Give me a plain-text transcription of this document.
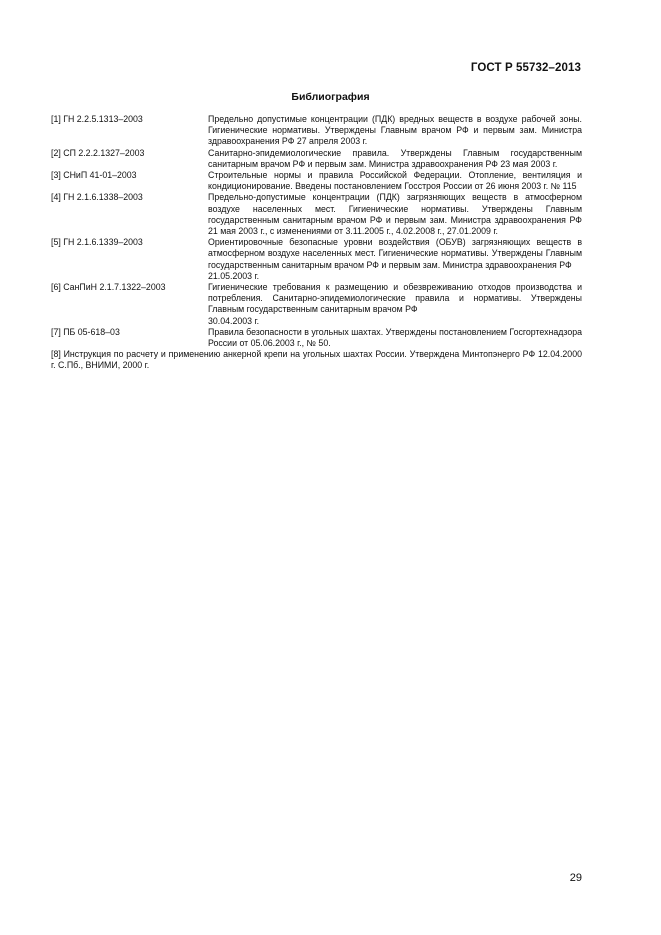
ГОСТ Р 55732–2013
Библиография
[1] ГН 2.2.5.1313–2003	Предельно допустимые концентрации (ПДК) вредных веществ в воздухе рабочей зоны. Гигиенические нормативы. Утверждены Главным врачом РФ и первым зам. Министра здравоохранения РФ 27 апреля 2003 г.
[2] СП 2.2.2.1327–2003	Санитарно-эпидемиологические правила. Утверждены Главным государственным санитарным врачом РФ и первым зам. Министра здравоохранения РФ 23 мая 2003 г.
[3] СНиП 41-01–2003	Строительные нормы и правила Российской Федерации. Отопление, вентиляция и кондиционирование. Введены постановлением Госстроя России от 26 июня 2003 г. № 115
[4] ГН 2.1.6.1338–2003	Предельно-допустимые концентрации (ПДК) загрязняющих веществ в атмосферном воздухе населенных мест. Гигиенические нормативы. Утверждены Главным государственным санитарным врачом РФ и первым зам. Министра здравоохранения РФ 21 мая 2003 г., с изменениями от 3.11.2005 г., 4.02.2008 г., 27.01.2009 г.
[5] ГН 2.1.6.1339–2003	Ориентировочные безопасные уровни воздействия (ОБУВ) загрязняющих веществ в атмосферном воздухе населенных мест. Гигиенические нормативы. Утверждены Главным государственным санитарным врачом РФ и первым зам. Министра здравоохранения РФ
21.05.2003 г.
[6] СанПиН 2.1.7.1322–2003	Гигиенические требования к размещению и обезвреживанию отходов производства и потребления. Санитарно-эпидемиологические правила и нормативы. Утверждены Главным государственным санитарным врачом РФ
30.04.2003 г.
[7] ПБ 05-618–03	Правила безопасности в угольных шахтах. Утверждены постановлением Госгортехнадзора России от 05.06.2003 г., № 50.
[8] Инструкция по расчету и применению анкерной крепи на угольных шахтах России. Утверждена Минтопэнерго РФ 12.04.2000 г. С.Пб., ВНИМИ, 2000 г.
29
